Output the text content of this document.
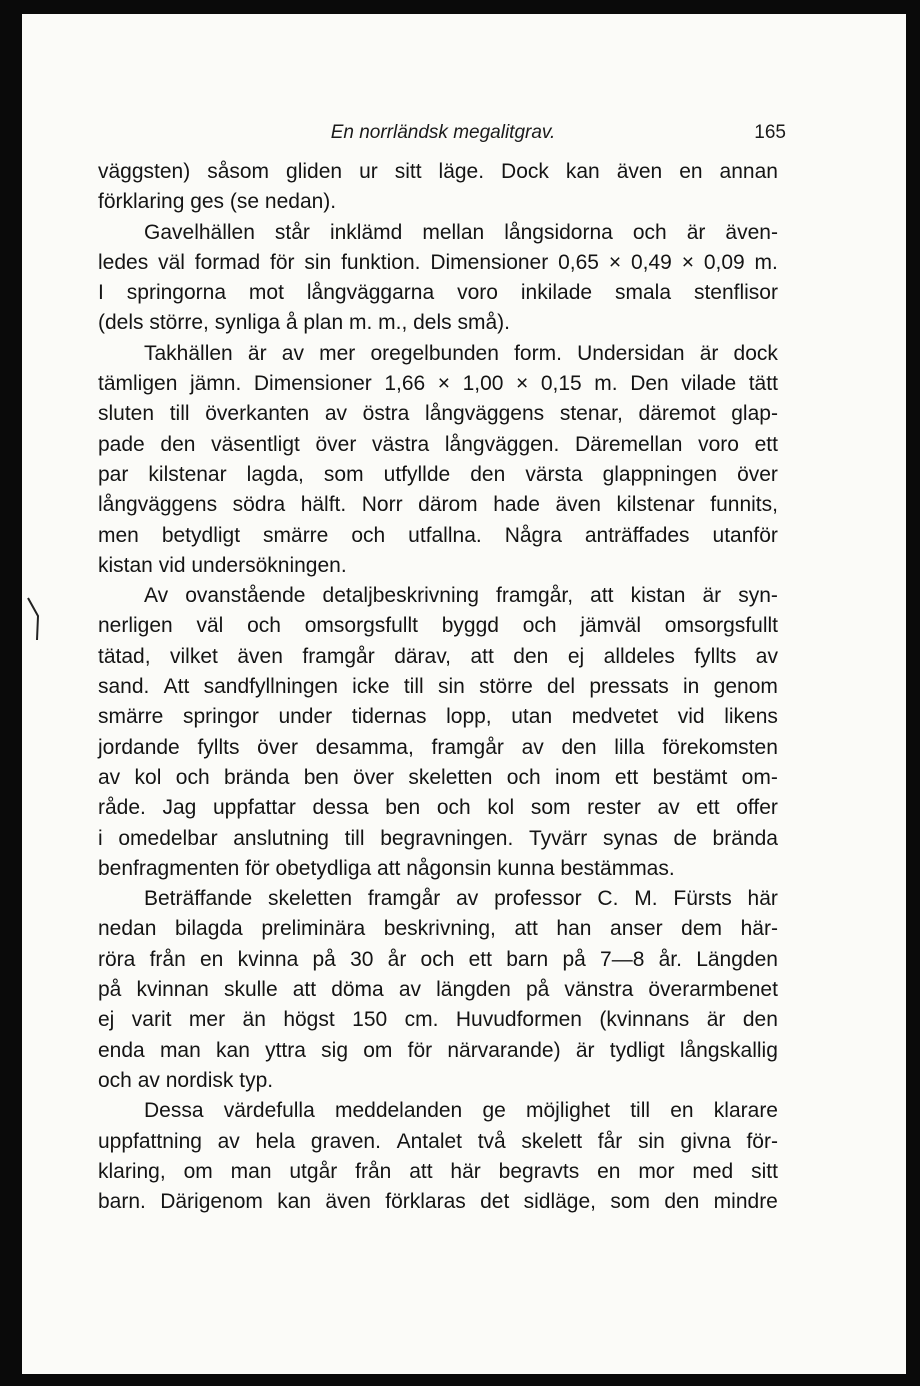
En norrländsk megalitgrav.	165
väggsten) såsom gliden ur sitt läge. Dock kan även en annan
förklaring ges (se nedan).
Gavelhällen står inklämd mellan långsidorna och är även-
ledes väl formad för sin funktion. Dimensioner 0,65 × 0,49 × 0,09 m.
I springorna mot långväggarna voro inkilade smala stenflisor
(dels större, synliga å plan m. m., dels små).
Takhällen är av mer oregelbunden form. Undersidan är dock
tämligen jämn. Dimensioner 1,66 × 1,00 × 0,15 m. Den vilade tätt
sluten till överkanten av östra långväggens stenar, däremot glap-
pade den väsentligt över västra långväggen. Däremellan voro ett
par kilstenar lagda, som utfyllde den värsta glappningen över
långväggens södra hälft. Norr därom hade även kilstenar funnits,
men betydligt smärre och utfallna. Några anträffades utanför
kistan vid undersökningen.
Av ovanstående detaljbeskrivning framgår, att kistan är syn-
nerligen väl och omsorgsfullt byggd och jämväl omsorgsfullt
tätad, vilket även framgår därav, att den ej alldeles fyllts av
sand. Att sandfyllningen icke till sin större del pressats in genom
smärre springor under tidernas lopp, utan medvetet vid likens
jordande fyllts över desamma, framgår av den lilla förekomsten
av kol och brända ben över skeletten och inom ett bestämt om-
råde. Jag uppfattar dessa ben och kol som rester av ett offer
i omedelbar anslutning till begravningen. Tyvärr synas de brända
benfragmenten för obetydliga att någonsin kunna bestämmas.
Beträffande skeletten framgår av professor C. M. Fürsts här
nedan bilagda preliminära beskrivning, att han anser dem här-
röra från en kvinna på 30 år och ett barn på 7—8 år. Längden
på kvinnan skulle att döma av längden på vänstra överarmbenet
ej varit mer än högst 150 cm. Huvudformen (kvinnans är den
enda man kan yttra sig om för närvarande) är tydligt långskallig
och av nordisk typ.
Dessa värdefulla meddelanden ge möjlighet till en klarare
uppfattning av hela graven. Antalet två skelett får sin givna för-
klaring, om man utgår från att här begravts en mor med sitt
barn. Därigenom kan även förklaras det sidläge, som den mindre
